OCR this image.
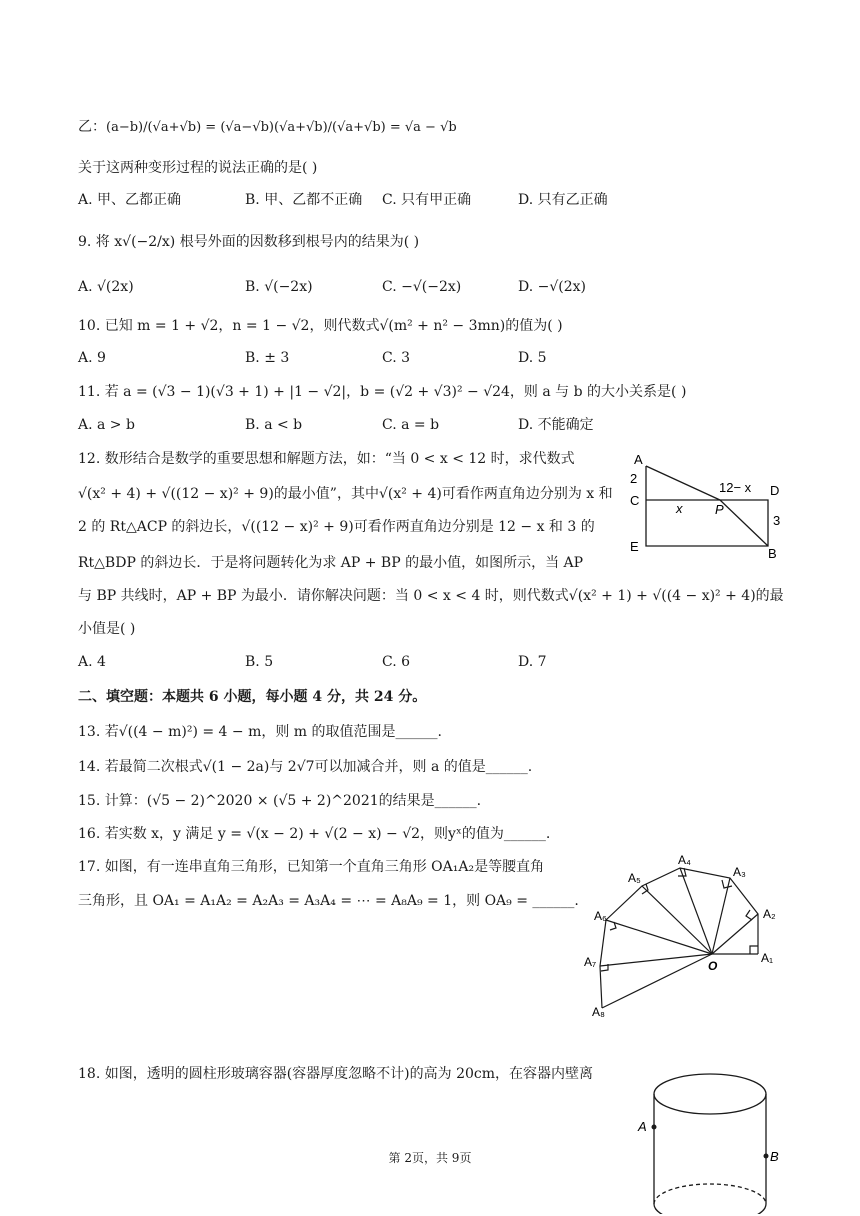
乙：(a−b)/(√a+√b) = (√a−√b)(√a+√b)/(√a+√b) = √a − √b
关于这两种变形过程的说法正确的是( )
A. 甲、乙都正确	B. 甲、乙都不正确 C. 只有甲正确	D. 只有乙正确
9. 将 x√(−2/x) 根号外面的因数移到根号内的结果为( )
A. √(2x)	B. √(−2x)	C. −√(−2x)	D. −√(2x)
10. 已知 m = 1 + √2，n = 1 − √2，则代数式√(m² + n² − 3mn)的值为( )
A. 9	B. ± 3	C. 3	D. 5
11. 若 a = (√3 − 1)(√3 + 1) + |1 − √2|，b = (√2 + √3)² − √24，则 a 与 b 的大小关系是( )
A. a > b	B. a < b	C. a = b	D. 不能确定
12. 数形结合是数学的重要思想和解题方法，如：“当 0 < x < 12 时，求代数式
√(x² + 4) + √((12 − x)² + 9)的最小值”，其中√(x² + 4)可看作两直角边分别为 x 和
2 的 Rt△ACP 的斜边长，√((12 − x)² + 9)可看作两直角边分别是 12 − x 和 3 的
Rt△BDP 的斜边长．于是将问题转化为求 AP + BP 的最小值，如图所示，当 AP
与 BP 共线时，AP + BP 为最小．请你解决问题：当 0 < x < 4 时，则代数式√(x² + 1) + √((4 − x)² + 4)的最
小值是( )
A. 4	B. 5	C. 6	D. 7
A
2
C
E
12− x D
x	P
3
B
二、填空题：本题共 6 小题，每小题 4 分，共 24 分。
13. 若√((4 − m)²) = 4 − m，则 m 的取值范围是______.
14. 若最简二次根式√(1 − 2a)与 2√7可以加减合并，则 a 的值是______.
15. 计算：(√5 − 2)^2020 × (√5 + 2)^2021的结果是______.
16. 若实数 x，y 满足 y = √(x − 2) + √(2 − x) − √2，则yˣ的值为______.
17. 如图，有一连串直角三角形，已知第一个直角三角形 OA₁A₂是等腰直角
三角形，且 OA₁ = A₁A₂ = A₂A₃ = A₃A₄ = ⋯ = A₈A₉ = 1，则 OA₉ = ______.
O
A₁
A₂
A₃
A₄
A₅
A₆
A₇
A₈
18. 如图，透明的圆柱形玻璃容器(容器厚度忽略不计)的高为 20cm，在容器内壁离
A
B
第 2页，共 9页
